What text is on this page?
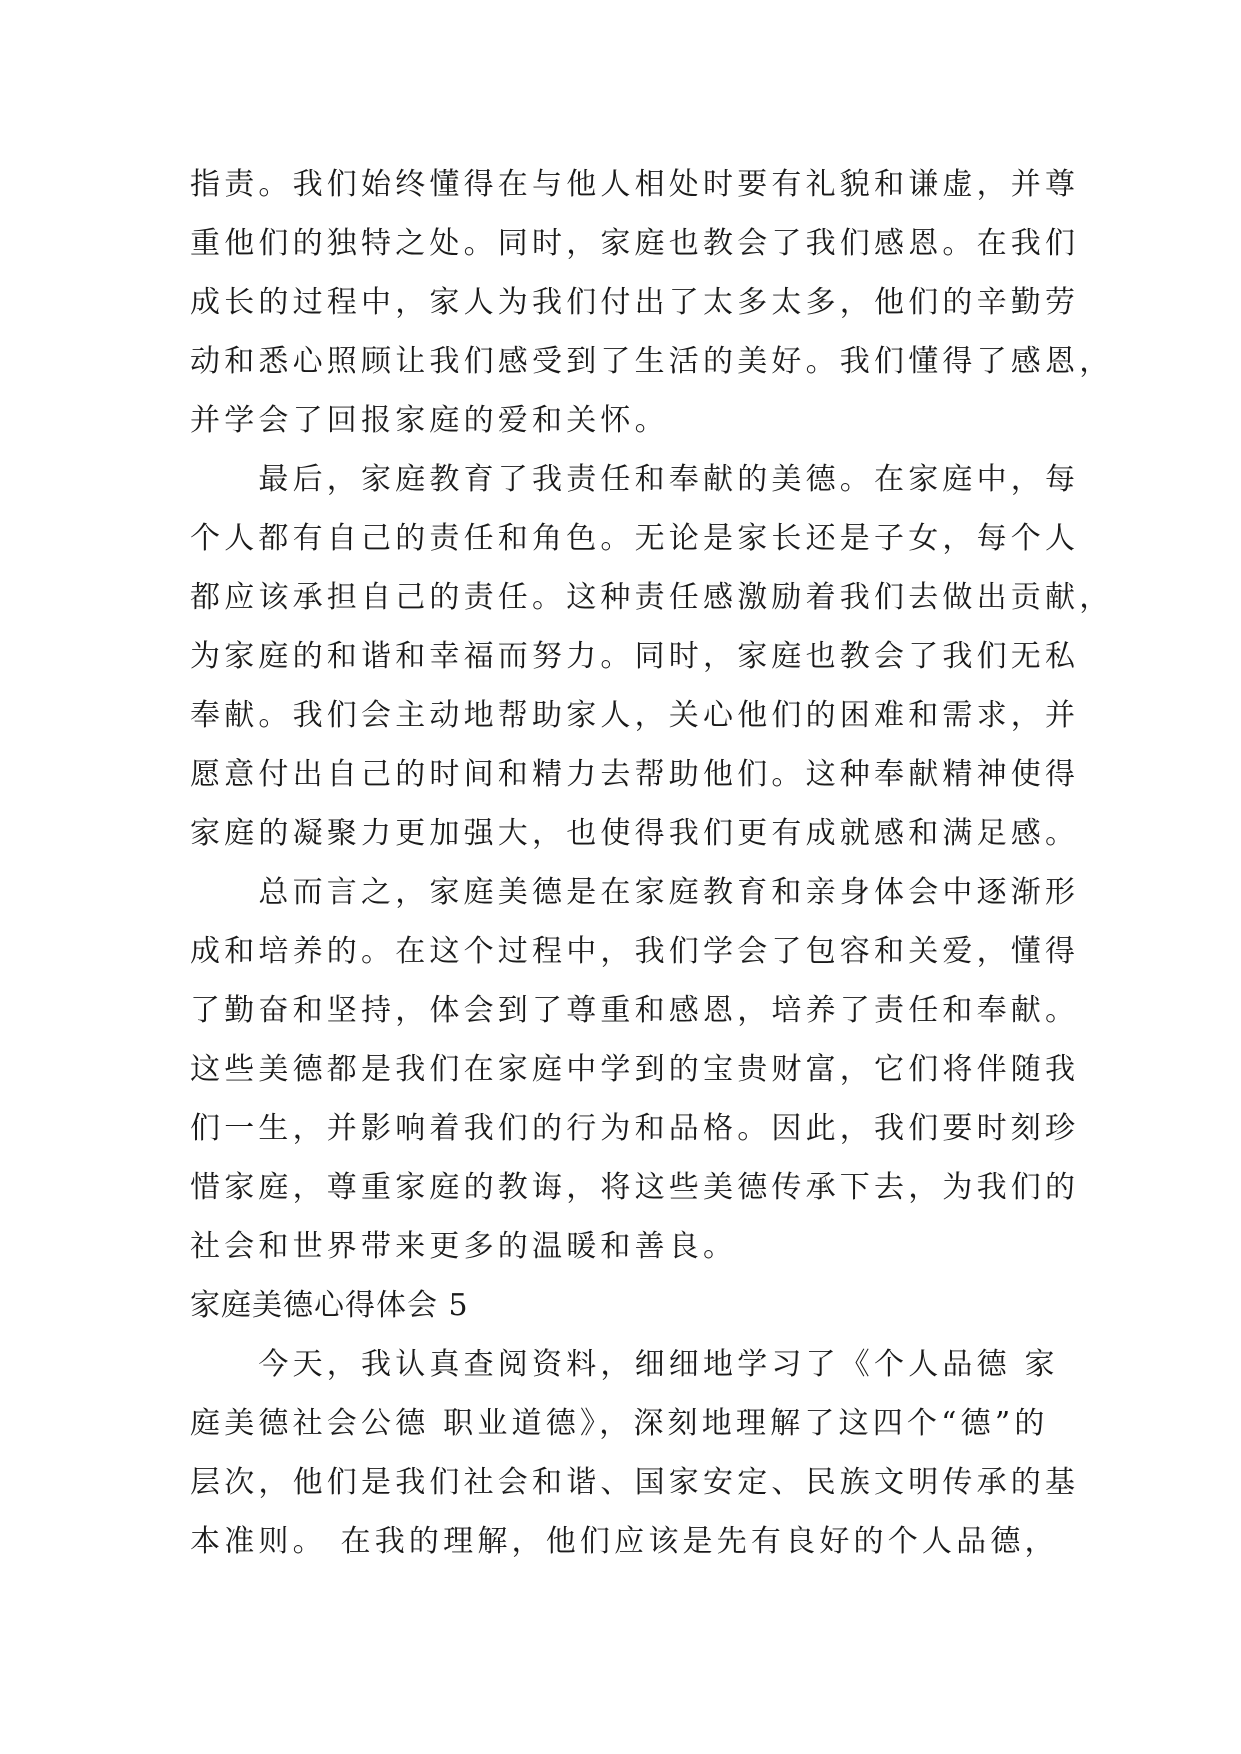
指责。我们始终懂得在与他人相处时要有礼貌和谦虚，并尊
重他们的独特之处。同时，家庭也教会了我们感恩。在我们
成长的过程中，家人为我们付出了太多太多，他们的辛勤劳
动和悉心照顾让我们感受到了生活的美好。我们懂得了感恩，
并学会了回报家庭的爱和关怀。
　　最后，家庭教育了我责任和奉献的美德。在家庭中，每
个人都有自己的责任和角色。无论是家长还是子女，每个人
都应该承担自己的责任。这种责任感激励着我们去做出贡献，
为家庭的和谐和幸福而努力。同时，家庭也教会了我们无私
奉献。我们会主动地帮助家人，关心他们的困难和需求，并
愿意付出自己的时间和精力去帮助他们。这种奉献精神使得
家庭的凝聚力更加强大，也使得我们更有成就感和满足感。
　　总而言之，家庭美德是在家庭教育和亲身体会中逐渐形
成和培养的。在这个过程中，我们学会了包容和关爱，懂得
了勤奋和坚持，体会到了尊重和感恩，培养了责任和奉献。
这些美德都是我们在家庭中学到的宝贵财富，它们将伴随我
们一生，并影响着我们的行为和品格。因此，我们要时刻珍
惜家庭，尊重家庭的教诲，将这些美德传承下去，为我们的
社会和世界带来更多的温暖和善良。
家庭美德心得体会 5
　　今天，我认真查阅资料，细细地学习了《个人品德 家
庭美德社会公德 职业道德》，深刻地理解了这四个“德”的
层次，他们是我们社会和谐、国家安定、民族文明传承的基
本准则。 在我的理解，他们应该是先有良好的个人品德，
